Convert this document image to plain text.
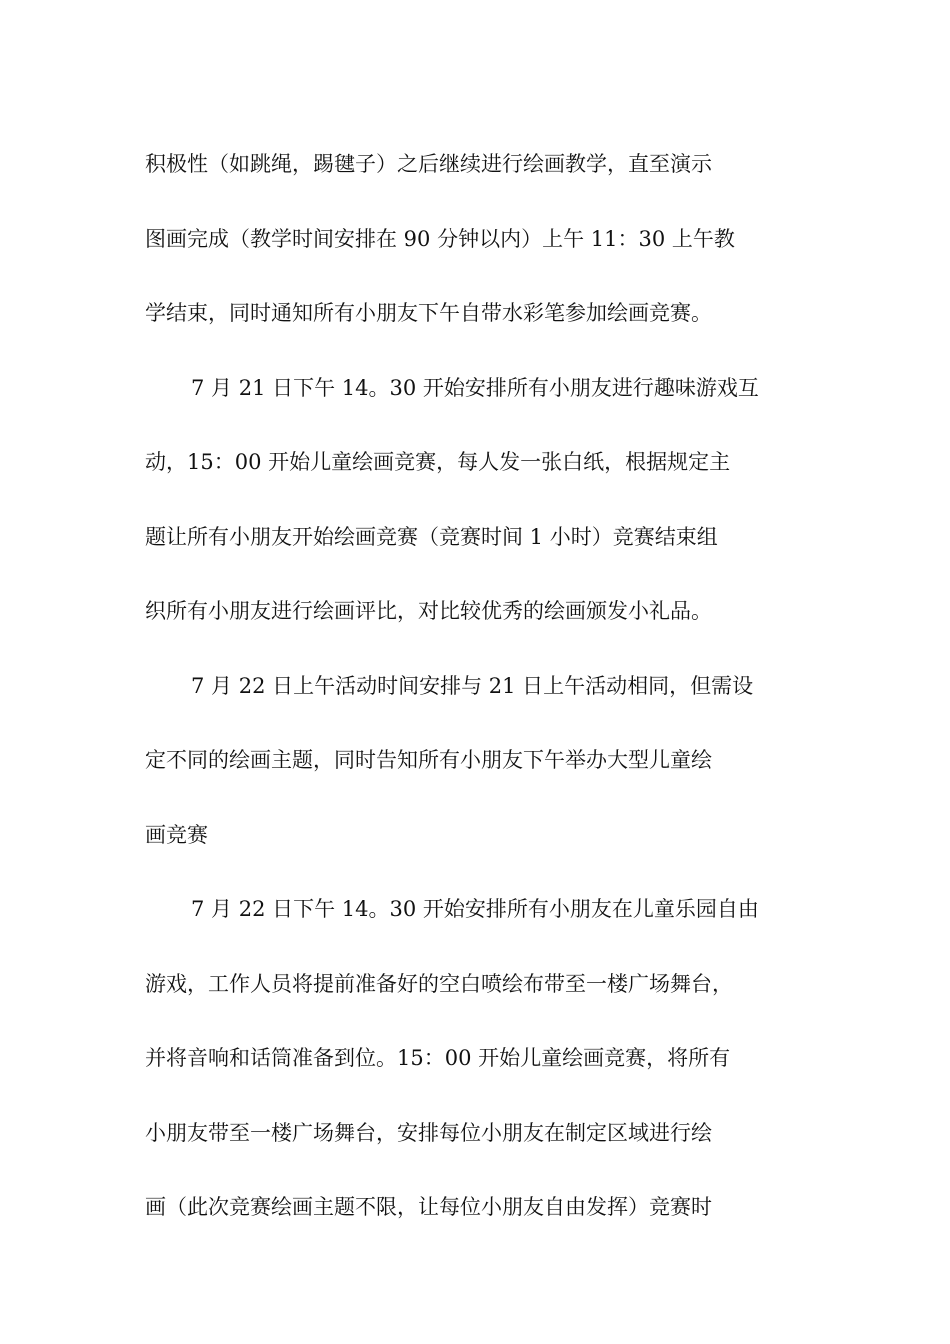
积极性（如跳绳，踢毽子）之后继续进行绘画教学，直至演示
图画完成（教学时间安排在 90 分钟以内）上午 11：30 上午教
学结束，同时通知所有小朋友下午自带水彩笔参加绘画竞赛。
7 月 21 日下午 14。30 开始安排所有小朋友进行趣味游戏互
动，15：00 开始儿童绘画竞赛，每人发一张白纸，根据规定主
题让所有小朋友开始绘画竞赛（竞赛时间 1 小时）竞赛结束组
织所有小朋友进行绘画评比，对比较优秀的绘画颁发小礼品。
7 月 22 日上午活动时间安排与 21 日上午活动相同，但需设
定不同的绘画主题，同时告知所有小朋友下午举办大型儿童绘
画竞赛
7 月 22 日下午 14。30 开始安排所有小朋友在儿童乐园自由
游戏，工作人员将提前准备好的空白喷绘布带至一楼广场舞台，
并将音响和话筒准备到位。15：00 开始儿童绘画竞赛，将所有
小朋友带至一楼广场舞台，安排每位小朋友在制定区域进行绘
画（此次竞赛绘画主题不限，让每位小朋友自由发挥）竞赛时
